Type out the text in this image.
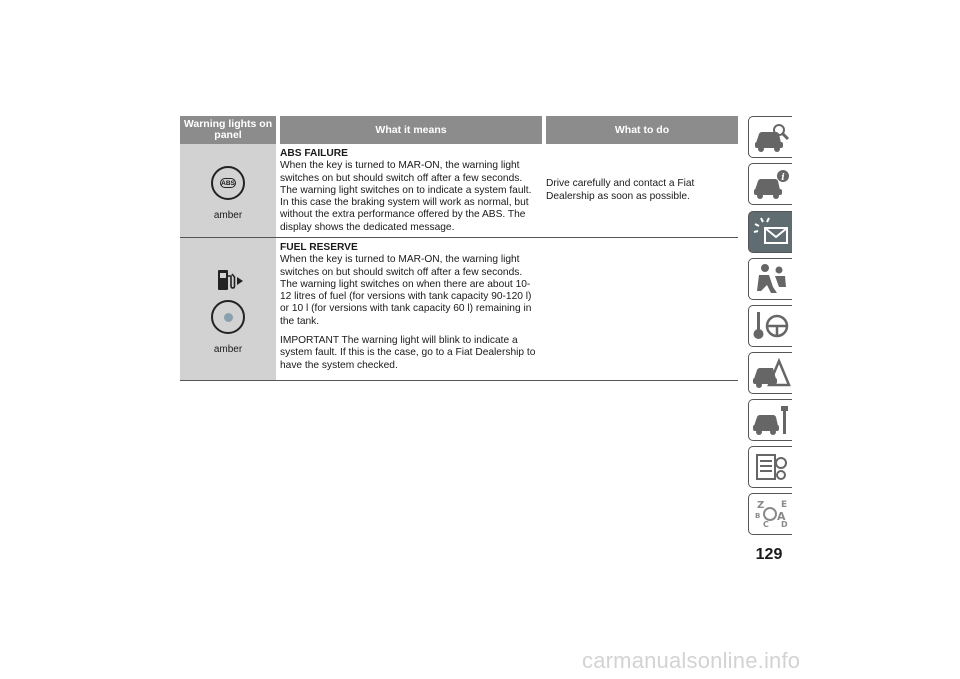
Warning lights on panel	What it means	What to do
ABS
amber
ABS FAILURE
When the key is turned to MAR-ON, the warning light switches on but should switch off after a few seconds. The warning light switches on to indicate a system fault. In this case the braking system will work as normal, but without the extra performance offered by the ABS. The display shows the dedicated message.
Drive carefully and contact a Fiat Dealership as soon as possible.
amber
FUEL RESERVE
When the key is turned to MAR-ON, the warning light switches on but should switch off after a few seconds. The warning light switches on when there are about 10-12 litres of fuel (for versions with tank capacity 90-120 l) or 10 l (for versions with tank capacity 60 l) remaining in the tank.
IMPORTANT The warning light will blink to indicate a system fault. If this is the case, go to a Fiat Dealership to have the system checked.
i
Z E
B A
C D
129
carmanualsonline.info
